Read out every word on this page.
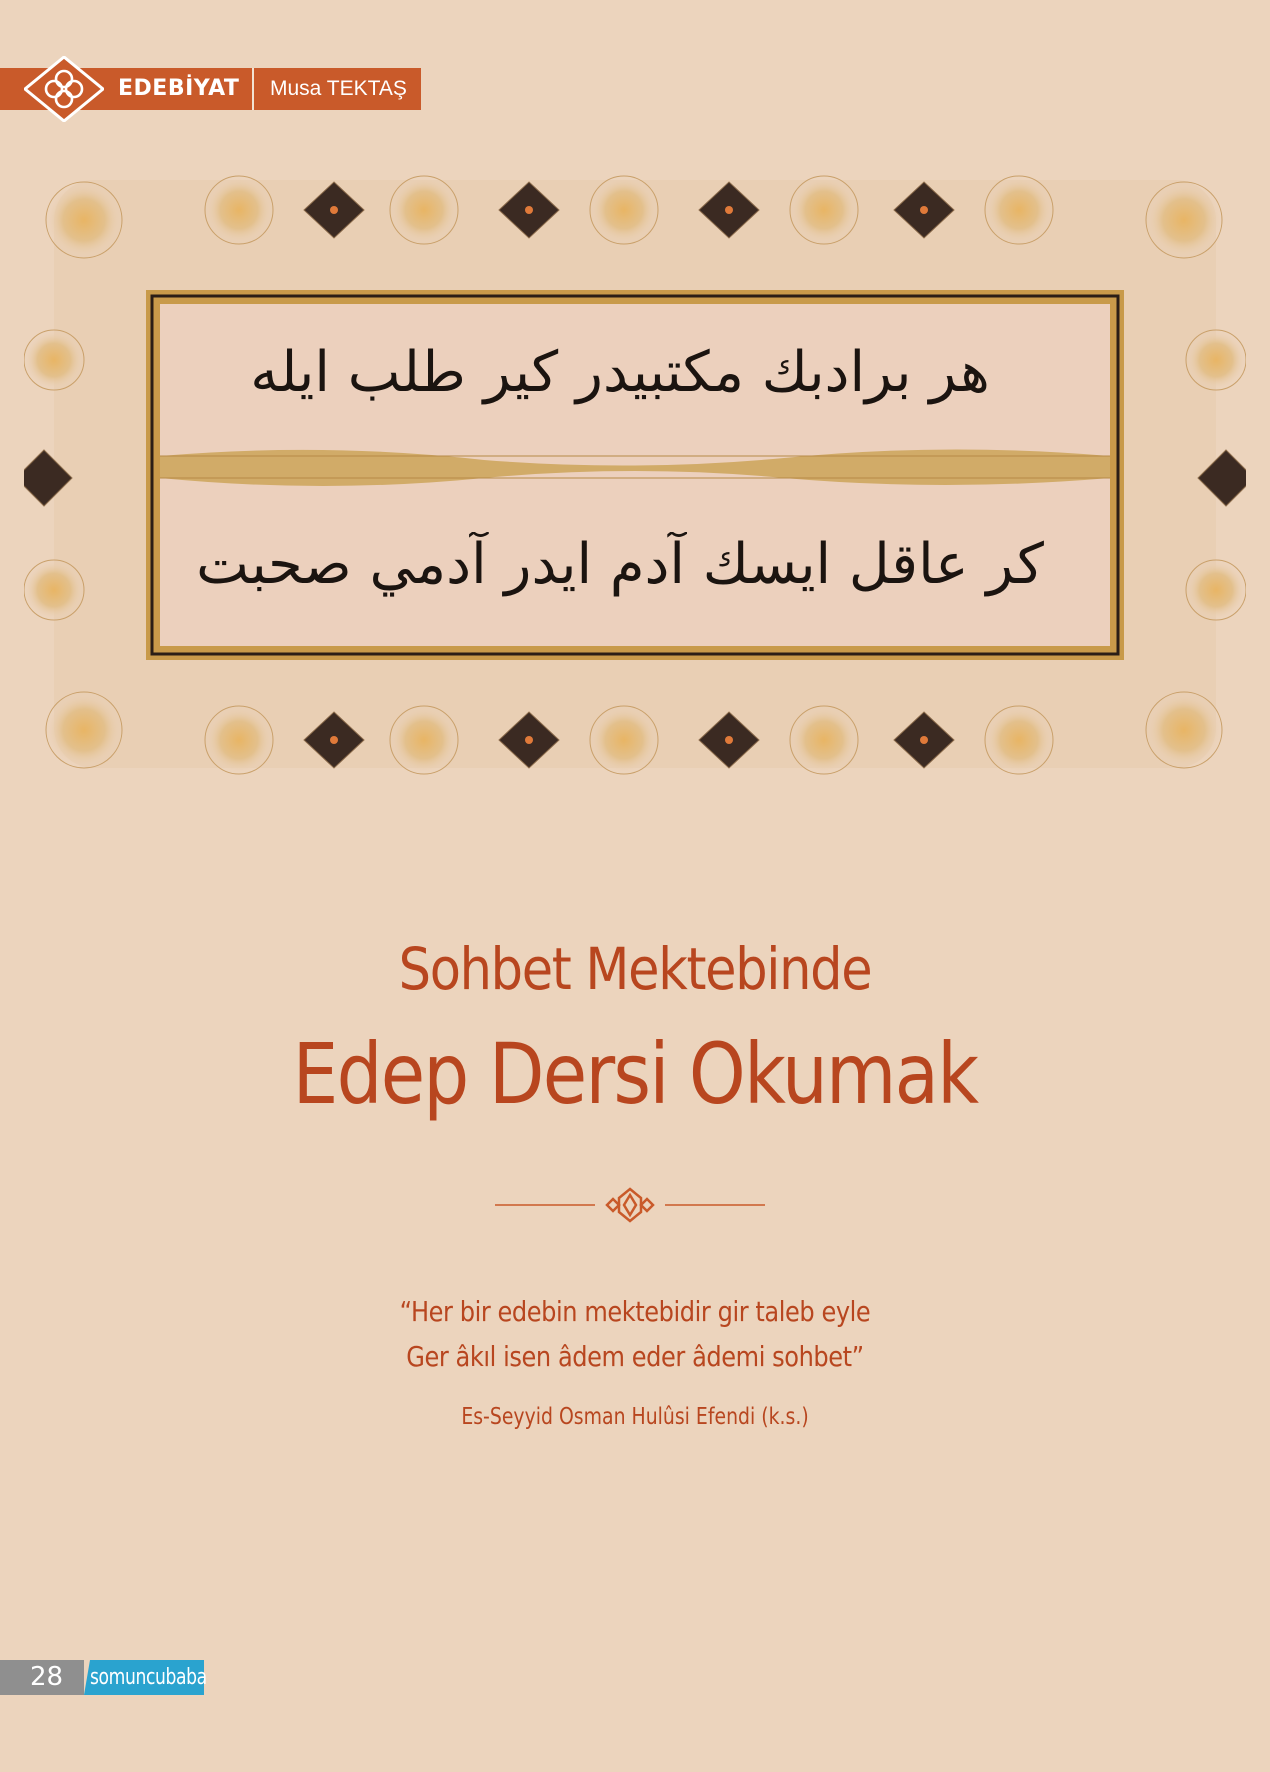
EDEBİYAT Musa TEKTAŞ
هر برادبك مكتبيدر كير طلب ايله
كر عاقل ايسك آدم ايدر آدمي صحبت
Sohbet Mektebinde
Edep Dersi Okumak
“Her bir edebin mektebidir gir taleb eyle
Ger âkıl isen âdem eder âdemi sohbet”
Es-Seyyid Osman Hulûsi Efendi (k.s.)
28 somuncubaba
